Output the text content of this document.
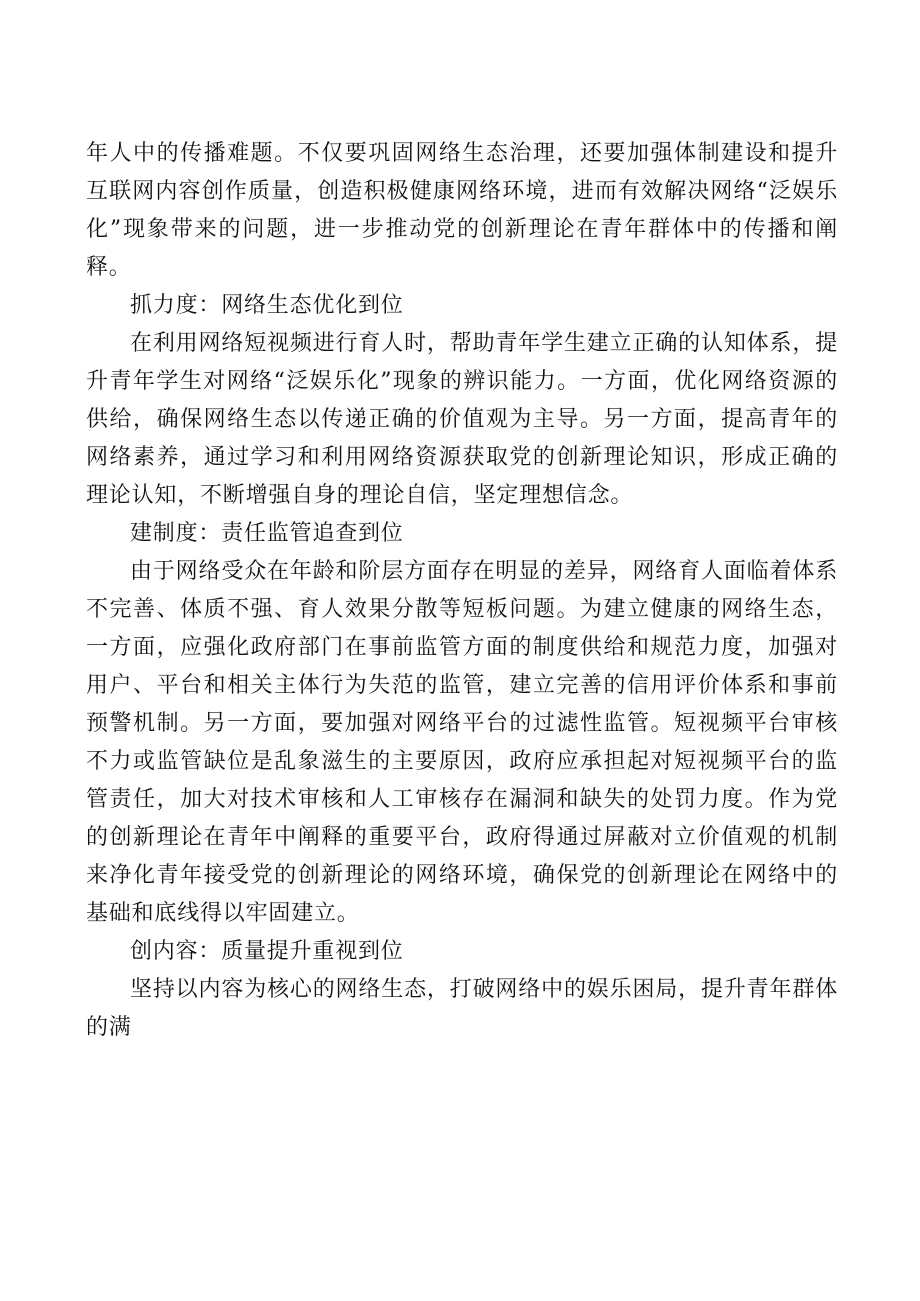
年人中的传播难题。不仅要巩固网络生态治理，还要加强体制建设和提升互联网内容创作质量，创造积极健康网络环境，进而有效解决网络“泛娱乐化”现象带来的问题，进一步推动党的创新理论在青年群体中的传播和阐释。

抓力度：网络生态优化到位

在利用网络短视频进行育人时，帮助青年学生建立正确的认知体系，提升青年学生对网络“泛娱乐化”现象的辨识能力。一方面，优化网络资源的供给，确保网络生态以传递正确的价值观为主导。另一方面，提高青年的网络素养，通过学习和利用网络资源获取党的创新理论知识，形成正确的理论认知，不断增强自身的理论自信，坚定理想信念。

建制度：责任监管追查到位

由于网络受众在年龄和阶层方面存在明显的差异，网络育人面临着体系不完善、体质不强、育人效果分散等短板问题。为建立健康的网络生态，一方面，应强化政府部门在事前监管方面的制度供给和规范力度，加强对用户、平台和相关主体行为失范的监管，建立完善的信用评价体系和事前预警机制。另一方面，要加强对网络平台的过滤性监管。短视频平台审核不力或监管缺位是乱象滋生的主要原因，政府应承担起对短视频平台的监管责任，加大对技术审核和人工审核存在漏洞和缺失的处罚力度。作为党的创新理论在青年中阐释的重要平台，政府得通过屏蔽对立价值观的机制来净化青年接受党的创新理论的网络环境，确保党的创新理论在网络中的基础和底线得以牢固建立。

创内容：质量提升重视到位

坚持以内容为核心的网络生态，打破网络中的娱乐困局，提升青年群体的满
